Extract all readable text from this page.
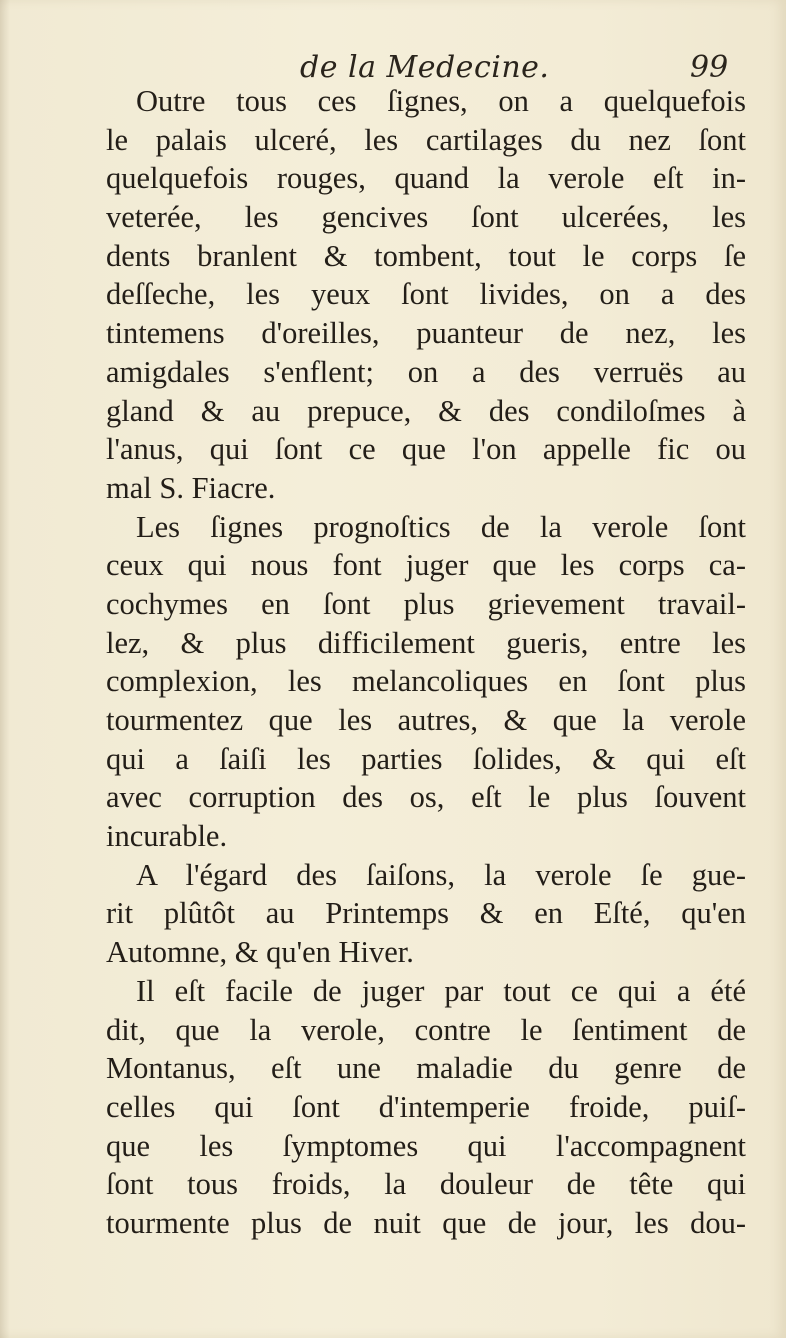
de la Medecine.	99
Outre tous ces ſignes, on a quelquefois
le palais ulceré, les cartilages du nez ſont
quelquefois rouges, quand la verole eſt in-
veterée, les gencives ſont ulcerées, les
dents branlent & tombent, tout le corps ſe
deſſeche, les yeux ſont livides, on a des
tintemens d'oreilles, puanteur de nez, les
amigdales s'enflent; on a des verruës au
gland & au prepuce, & des condiloſmes à
l'anus, qui ſont ce que l'on appelle fic ou
mal S. Fiacre.
Les ſignes prognoſtics de la verole ſont
ceux qui nous font juger que les corps ca-
cochymes en ſont plus grievement travail-
lez, & plus difficilement gueris, entre les
complexion, les melancoliques en ſont plus
tourmentez que les autres, & que la verole
qui a ſaiſi les parties ſolides, & qui eſt
avec corruption des os, eſt le plus ſouvent
incurable.
A l'égard des ſaiſons, la verole ſe gue-
rit plûtôt au Printemps & en Eſté, qu'en
Automne, & qu'en Hiver.
Il eſt facile de juger par tout ce qui a été
dit, que la verole, contre le ſentiment de
Montanus, eſt une maladie du genre de
celles qui ſont d'intemperie froide, puiſ-
que les ſymptomes qui l'accompagnent
ſont tous froids, la douleur de tête qui
tourmente plus de nuit que de jour, les dou-
